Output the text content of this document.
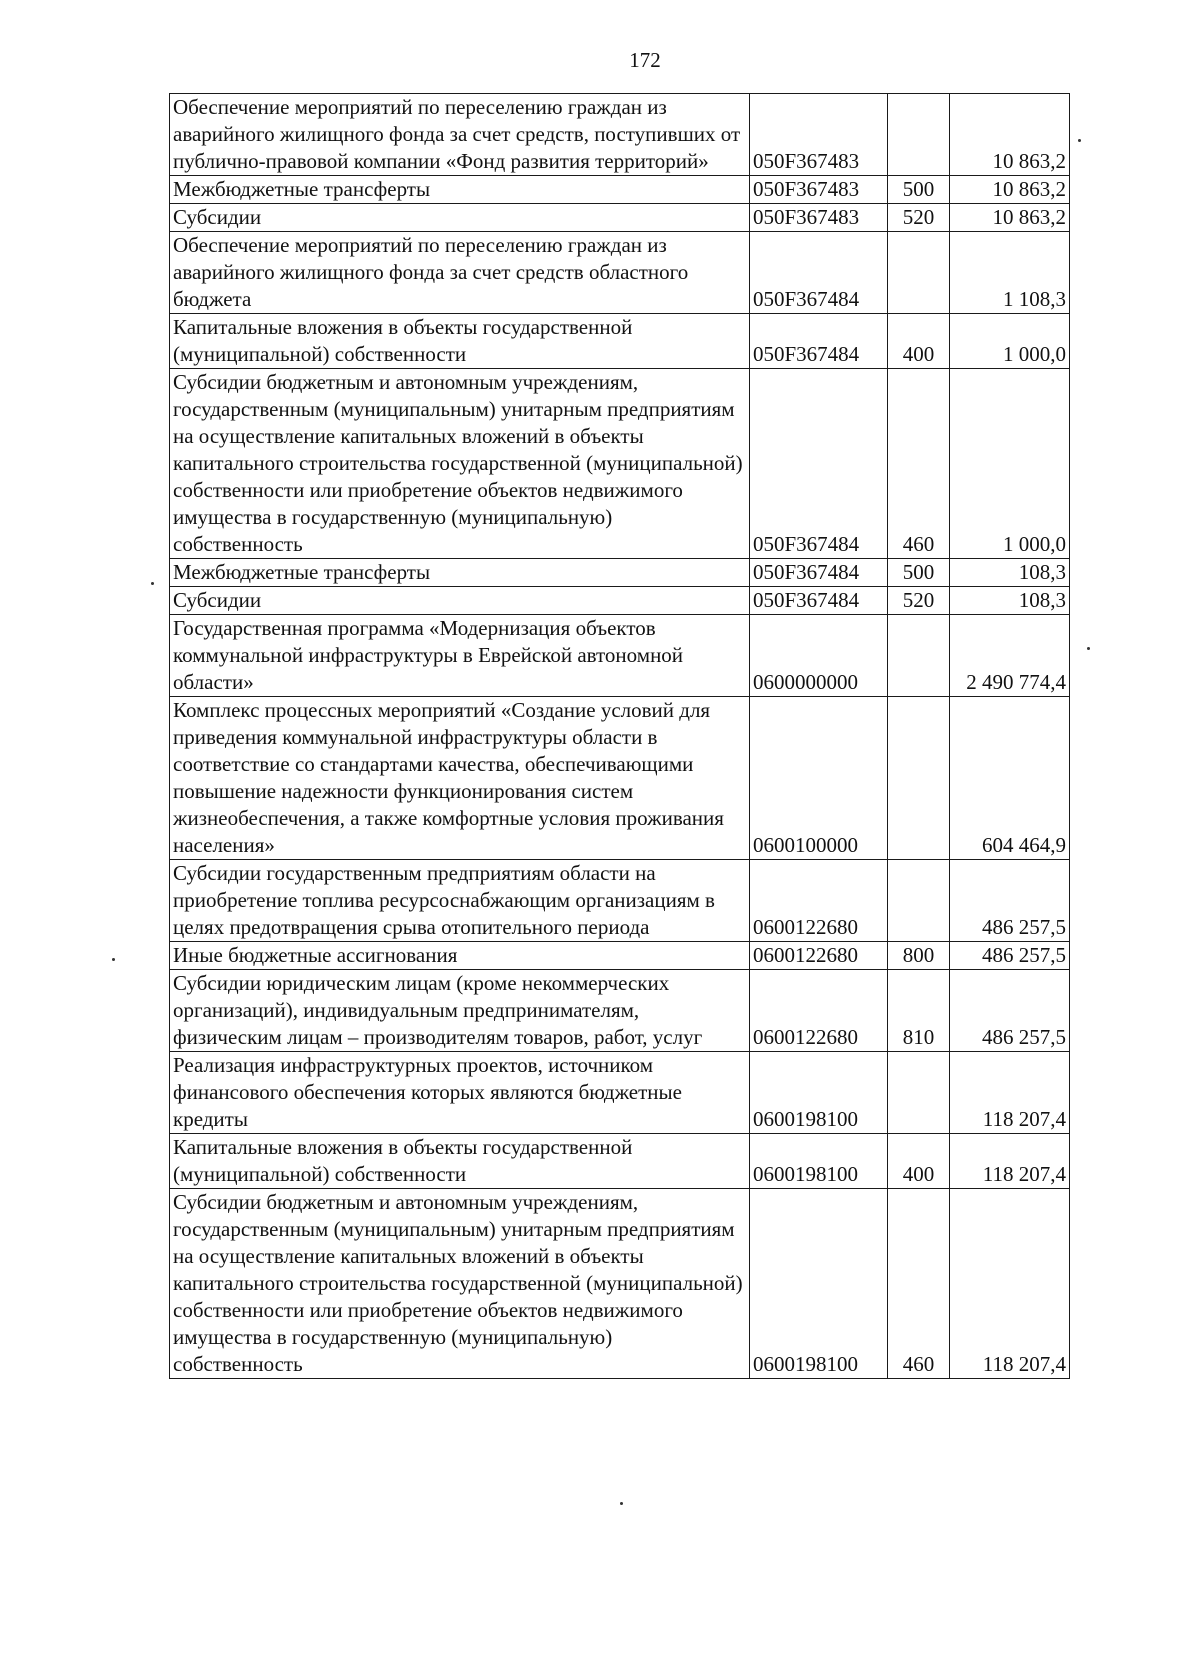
172
Обеспечение мероприятий по переселению граждан из аварийного жилищного фонда за счет средств, поступивших от публично-правовой компании «Фонд развития территорий»	050F367483		10 863,2
Межбюджетные трансферты	050F367483	500	10 863,2
Субсидии	050F367483	520	10 863,2
Обеспечение мероприятий по переселению граждан из аварийного жилищного фонда за счет средств областного бюджета	050F367484		1 108,3
Капитальные вложения в объекты государственной (муниципальной) собственности	050F367484	400	1 000,0
Субсидии бюджетным и автономным учреждениям, государственным (муниципальным) унитарным предприятиям на осуществление капитальных вложений в объекты капитального строительства государственной (муниципальной) собственности или приобретение объектов недвижимого имущества в государственную (муниципальную) собственность	050F367484	460	1 000,0
Межбюджетные трансферты	050F367484	500	108,3
Субсидии	050F367484	520	108,3
Государственная программа «Модернизация объектов коммунальной инфраструктуры в Еврейской автономной области»	0600000000		2 490 774,4
Комплекс процессных мероприятий «Создание условий для приведения коммунальной инфраструктуры области в соответствие со стандартами качества, обеспечивающими повышение надежности функционирования систем жизнеобеспечения, а также комфортные условия проживания населения»	0600100000		604 464,9
Субсидии государственным предприятиям области на приобретение топлива ресурсоснабжающим организациям в целях предотвращения срыва отопительного периода	0600122680		486 257,5
Иные бюджетные ассигнования	0600122680	800	486 257,5
Субсидии юридическим лицам (кроме некоммерческих организаций), индивидуальным предпринимателям, физическим лицам – производителям товаров, работ, услуг	0600122680	810	486 257,5
Реализация инфраструктурных проектов, источником финансового обеспечения которых являются бюджетные кредиты	0600198100		118 207,4
Капитальные вложения в объекты государственной (муниципальной) собственности	0600198100	400	118 207,4
Субсидии бюджетным и автономным учреждениям, государственным (муниципальным) унитарным предприятиям на осуществление капитальных вложений в объекты капитального строительства государственной (муниципальной) собственности или приобретение объектов недвижимого имущества в государственную (муниципальную) собственность	0600198100	460	118 207,4
